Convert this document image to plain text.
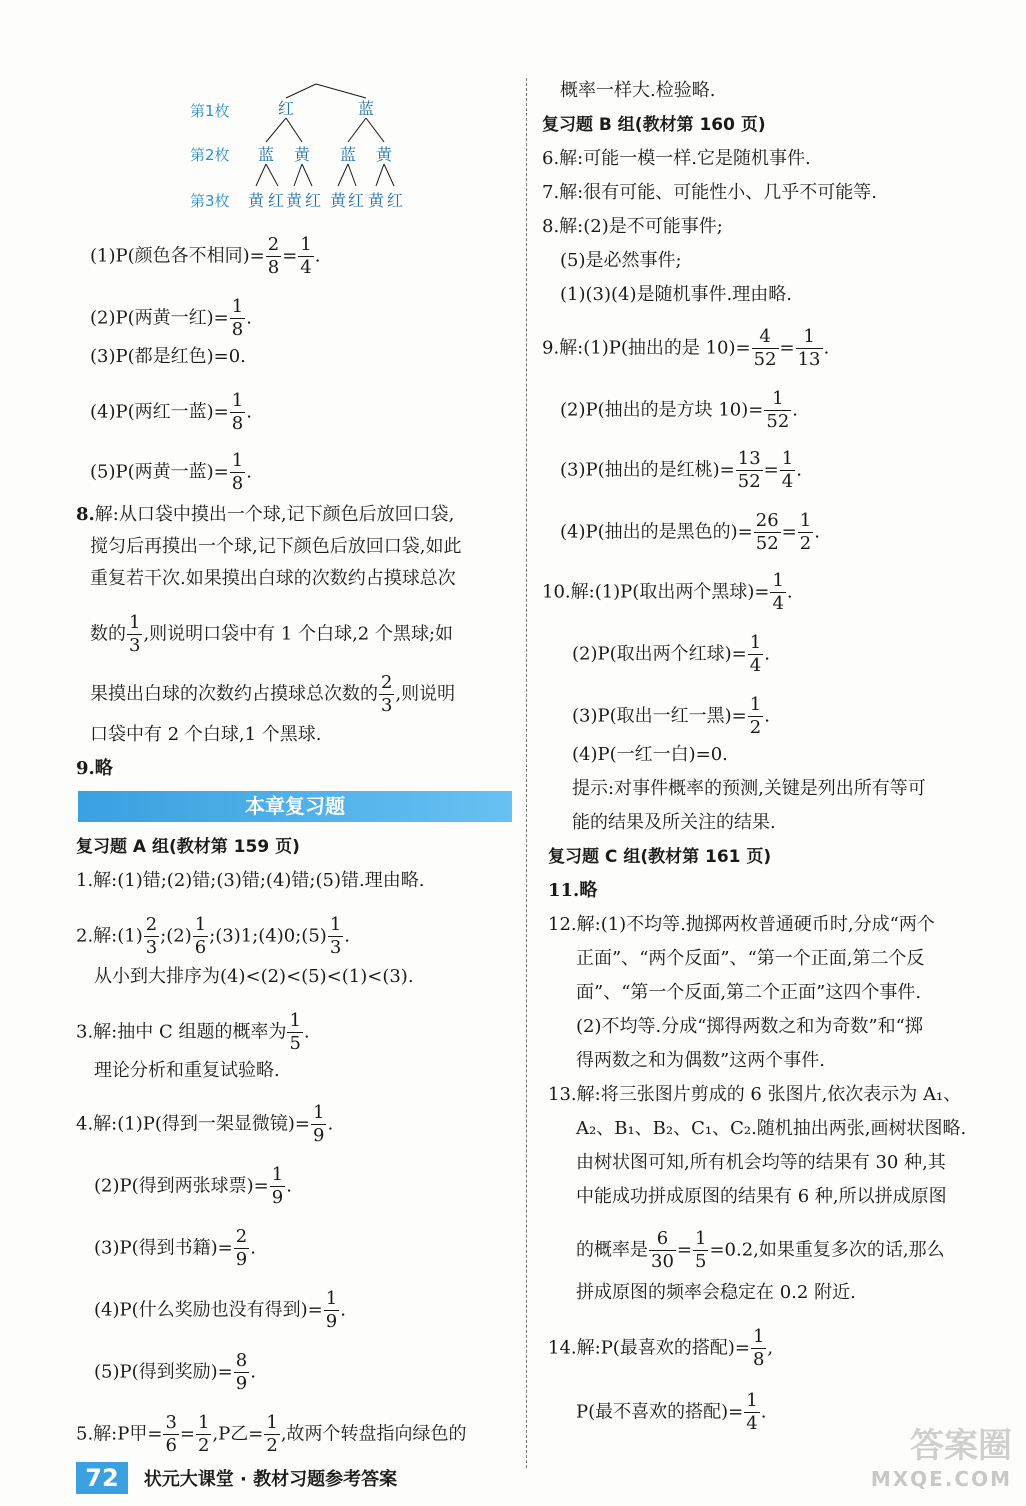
第1枚
第2枚
第3枚
红	蓝
蓝 黄 蓝 黄
黄 红 黄 红 黄 红 黄 红
(1)P(颜色各不相同)= $\frac{2}{8} = \frac{1}{4}$ .
(2)P(两黄一红)= $\frac{1}{8}$ .
(3)P(都是红色)=0.
(4)P(两红一蓝)= $\frac{1}{8}$ .
(5)P(两黄一蓝)= $\frac{1}{8}$ .
8.解:从口袋中摸出一个球,记下颜色后放回口袋,
搅匀后再摸出一个球,记下颜色后放回口袋,如此
重复若干次.如果摸出白球的次数约占摸球总次
数的 $\frac{1}{3}$ ,则说明口袋中有 1 个白球,2 个黑球;如
果摸出白球的次数约占摸球总次数的 $\frac{2}{3}$ ,则说明
口袋中有 2 个白球,1 个黑球.
9.略
本章复习题
复习题 A 组(教材第 159 页)
1.解:(1)错;(2)错;(3)错;(4)错;(5)错.理由略.
2.解:(1) $\frac{2}{3}$ ;(2) $\frac{1}{6}$ ;(3)1;(4)0;(5) $\frac{1}{3}$ .
从小到大排序为(4)<(2)<(5)<(1)<(3).
3.解:抽中 C 组题的概率为 $\frac{1}{5}$ .
理论分析和重复试验略.
4.解:(1)P(得到一架显微镜)= $\frac{1}{9}$ .
(2)P(得到两张球票)= $\frac{1}{9}$ .
(3)P(得到书籍)= $\frac{2}{9}$ .
(4)P(什么奖励也没有得到)= $\frac{1}{9}$ .
(5)P(得到奖励)= $\frac{8}{9}$ .
5.解:P甲= $\frac{3}{6} = \frac{1}{2} ,P$乙= $\frac{1}{2}$ ,故两个转盘指向绿色的
概率一样大.检验略.
复习题 B 组(教材第 160 页)
6.解:可能一模一样.它是随机事件.
7.解:很有可能、可能性小、几乎不可能等.
8.解:(2)是不可能事件;
(5)是必然事件;
(1)(3)(4)是随机事件.理由略.
9.解:(1)P(抽出的是 $10)= \frac{4}{52} = \frac{1}{13}$ .
(2)P(抽出的是方块 $10)= \frac{1}{52}$ .
(3)P(抽出的是红桃)= $\frac{13}{52} = \frac{1}{4}$ .
(4)P(抽出的是黑色的)= $\frac{26}{52} = \frac{1}{2}$ .
10.解:(1)P(取出两个黑球)= $\frac{1}{4}$ .
(2)P(取出两个红球)= $\frac{1}{4}$ .
(3)P(取出一红一黑)= $\frac{1}{2}$ .
(4)P(一红一白)=0.
提示:对事件概率的预测,关键是列出所有等可
能的结果及所关注的结果.
复习题 C 组(教材第 161 页)
11.略
12.解:(1)不均等.抛掷两枚普通硬币时,分成“两个
正面”、“两个反面”、“第一个正面,第二个反
面”、“第一个反面,第二个正面”这四个事件.
(2)不均等.分成“掷得两数之和为奇数”和“掷
得两数之和为偶数”这两个事件.
13.解:将三张图片剪成的 6 张图片,依次表示为 A₁、
A₂、B₁、B₂、C₁、C₂.随机抽出两张,画树状图略.
由树状图可知,所有机会均等的结果有 30 种,其
中能成功拼成原图的结果有 6 种,所以拼成原图
的概率是 $\frac{6}{30} = \frac{1}{5} =0.2$,如果重复多次的话,那么
拼成原图的频率会稳定在 0.2 附近.
14.解:P(最喜欢的搭配)= $\frac{1}{8}$ ,
P(最不喜欢的搭配)= $\frac{1}{4}$ .
72 状元大课堂 · 教材习题参考答案
答案圈
MXQE.COM
